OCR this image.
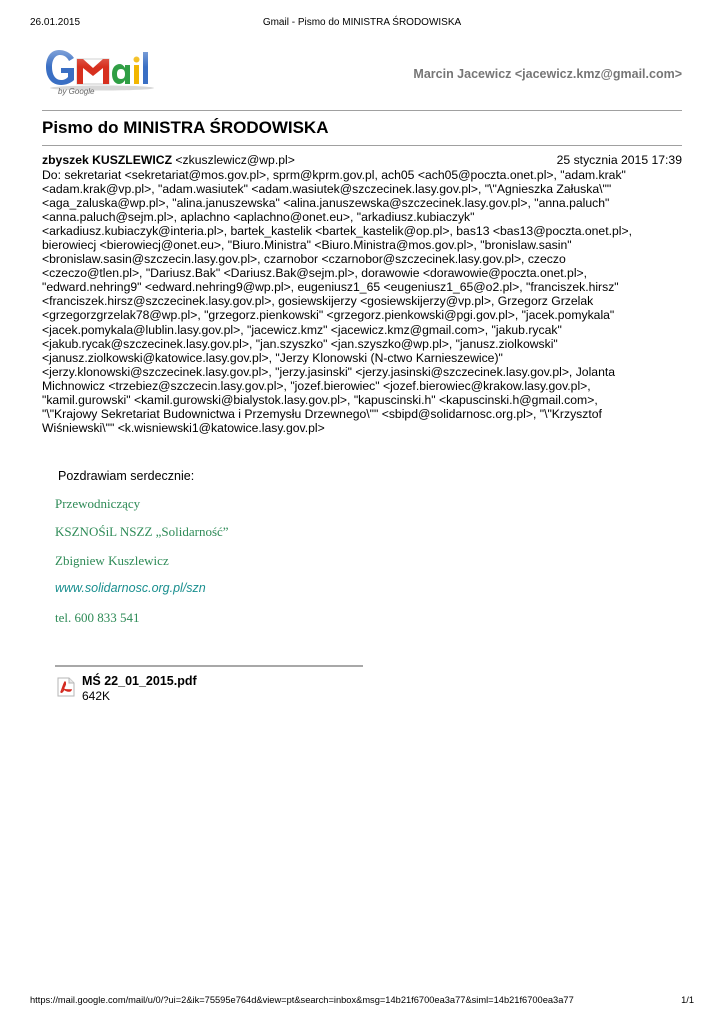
26.01.2015	Gmail - Pismo do MINISTRA ŚRODOWISKA
by Google
Marcin Jacewicz <jacewicz.kmz@gmail.com>
Pismo do MINISTRA ŚRODOWISKA
zbyszek KUSZLEWICZ <zkuszlewicz@wp.pl>	25 stycznia 2015 17:39
Do: sekretariat <sekretariat@mos.gov.pl>, sprm@kprm.gov.pl, ach05 <ach05@poczta.onet.pl>, "adam.krak"
<adam.krak@vp.pl>, "adam.wasiutek" <adam.wasiutek@szczecinek.lasy.gov.pl>, "\"Agnieszka Załuska\""
<aga_zaluska@wp.pl>, "alina.januszewska" <alina.januszewska@szczecinek.lasy.gov.pl>, "anna.paluch"
<anna.paluch@sejm.pl>, aplachno <aplachno@onet.eu>, "arkadiusz.kubiaczyk"
<arkadiusz.kubiaczyk@interia.pl>, bartek_kastelik <bartek_kastelik@op.pl>, bas13 <bas13@poczta.onet.pl>,
bierowiecj <bierowiecj@onet.eu>, "Biuro.Ministra" <Biuro.Ministra@mos.gov.pl>, "bronislaw.sasin"
<bronislaw.sasin@szczecin.lasy.gov.pl>, czarnobor <czarnobor@szczecinek.lasy.gov.pl>, czeczo
<czeczo@tlen.pl>, "Dariusz.Bak" <Dariusz.Bak@sejm.pl>, dorawowie <dorawowie@poczta.onet.pl>,
"edward.nehring9" <edward.nehring9@wp.pl>, eugeniusz1_65 <eugeniusz1_65@o2.pl>, "franciszek.hirsz"
<franciszek.hirsz@szczecinek.lasy.gov.pl>, gosiewskijerzy <gosiewskijerzy@vp.pl>, Grzegorz Grzelak
<grzegorzgrzelak78@wp.pl>, "grzegorz.pienkowski" <grzegorz.pienkowski@pgi.gov.pl>, "jacek.pomykala"
<jacek.pomykala@lublin.lasy.gov.pl>, "jacewicz.kmz" <jacewicz.kmz@gmail.com>, "jakub.rycak"
<jakub.rycak@szczecinek.lasy.gov.pl>, "jan.szyszko" <jan.szyszko@wp.pl>, "janusz.ziolkowski"
<janusz.ziolkowski@katowice.lasy.gov.pl>, "Jerzy Klonowski (N-ctwo Karnieszewice)"
<jerzy.klonowski@szczecinek.lasy.gov.pl>, "jerzy.jasinski" <jerzy.jasinski@szczecinek.lasy.gov.pl>, Jolanta
Michnowicz <trzebiez@szczecin.lasy.gov.pl>, "jozef.bierowiec" <jozef.bierowiec@krakow.lasy.gov.pl>,
"kamil.gurowski" <kamil.gurowski@bialystok.lasy.gov.pl>, "kapuscinski.h" <kapuscinski.h@gmail.com>,
"\"Krajowy Sekretariat Budownictwa i Przemysłu Drzewnego\"" <sbipd@solidarnosc.org.pl>, "\"Krzysztof
Wiśniewski\"" <k.wisniewski1@katowice.lasy.gov.pl>
Pozdrawiam serdecznie:
Przewodniczący
KSZNOŚiL NSZZ „Solidarność”
Zbigniew Kuszlewicz
www.solidarnosc.org.pl/szn
tel. 600 833 541
MŚ 22_01_2015.pdf
642K
https://mail.google.com/mail/u/0/?ui=2&ik=75595e764d&view=pt&search=inbox&msg=14b21f6700ea3a77&siml=14b21f6700ea3a77	1/1
